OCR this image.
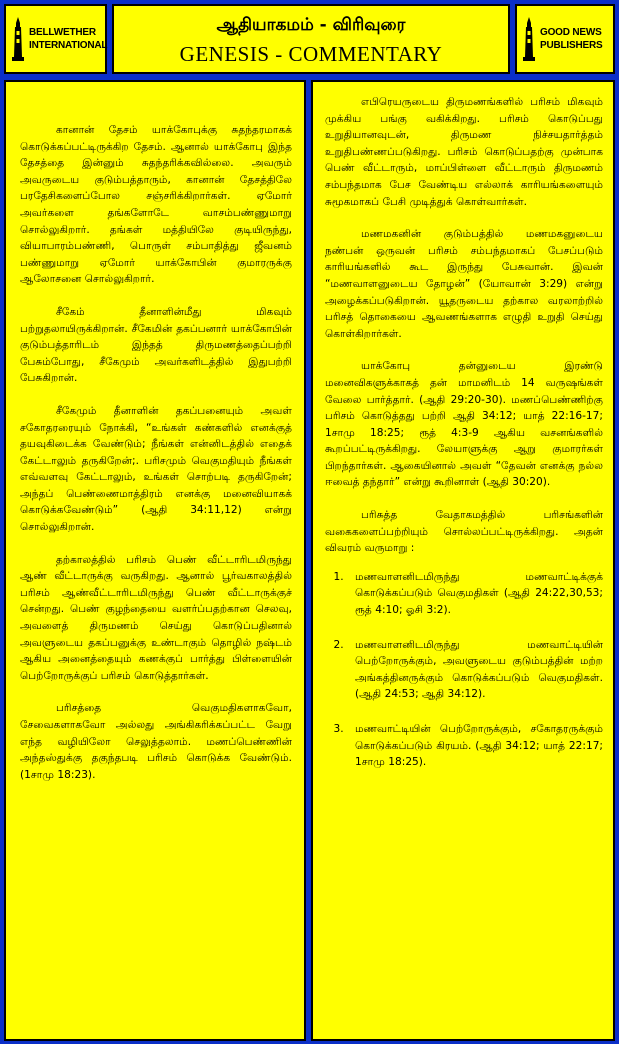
BELLWETHER
INTERNATIONAL
ஆதியாகமம் - விரிவுரை
GENESIS - COMMENTARY
GOOD NEWS
PUBLISHERS

கானான் தேசம் யாக்கோபுக்கு சுதந்தரமாகக் கொடுக்கப்பட்டிருக்கிற தேசம். ஆனால் யாக்கோபு இந்த தேசத்தை இன்னும் சுதந்தரிக்கவில்லை. அவரும் அவருடைய குடும்பத்தாரும், கானான் தேசத்திலே பரதேசிகளைப்போல சஞ்சரிக்கிறார்கள். ஏமோர் அவர்களை தங்களோடே வாசம்பண்ணுமாறு சொல்லுகிறார். தங்கள் மத்தியிலே குடியிருந்து, வியாபாரம்பண்ணி, பொருள் சம்பாதித்து ஜீவனம் பண்ணுமாறு ஏமோர் யாக்கோபின் குமாரருக்கு ஆலோசனை சொல்லுகிறார்.

சீகேம் தீனாளின்மீது மிகவும் பற்றுதலாயிருக்கிறான். சீகேமின் தகப்பனார் யாக்கோபின் குடும்பத்தாரிடம் இந்தத் திருமணத்தைப்பற்றி பேசும்போது, சீகேமும் அவர்களிடத்தில் இதுபற்றி பேசுகிறான்.

சீகேமும் தீனாளின் தகப்பனையும் அவள் சகோதரரையும் நோக்கி, “உங்கள் கண்களில் எனக்குத் தயவுகிடைக்க வேண்டும்; நீங்கள் என்னிடத்தில் எதைக் கேட்டாலும் தருகிறேன்;. பரிசமும் வெகுமதியும் நீங்கள் எவ்வளவு கேட்டாலும், உங்கள் சொற்படி தருகிறேன்; அந்தப் பெண்ணைமாத்திரம் எனக்கு மனைவியாகக் கொடுக்கவேண்டும்” (ஆதி 34:11,12) என்று சொல்லுகிறான்.

தற்காலத்தில் பரிசம் பெண் வீட்டாரிடமிருந்து ஆண் வீட்டாருக்கு வருகிறது. ஆனால் பூர்வகாலத்தில் பரிசம் ஆண்வீட்டாரிடமிருந்து பெண் வீட்டாருக்குச் சென்றது. பெண் குழந்தையை வளர்ப்பதற்கான செலவு, அவளைத் திருமணம் செய்து கொடுப்பதினால் அவளுடைய தகப்பனுக்கு உண்டாகும் தொழில் நஷ்டம் ஆகிய அனைத்தையும் கணக்குப் பார்த்து பிள்ளையின் பெற்றோருக்குப் பரிசம் கொடுத்தார்கள்.

பரிசத்தை வெகுமதிகளாகவோ, சேவைகளாகவோ அல்லது அங்கிகரிக்கப்பட்ட வேறு எந்த வழியிலோ செலுத்தலாம். மணப்பெண்ணின் அந்தஸ்துக்கு தகுந்தபடி பரிசம் கொடுக்க வேண்டும். (1சாமு 18:23).

எபிரெயருடைய திருமணங்களில் பரிசம் மிகவும் முக்கிய பங்கு வகிக்கிறது. பரிசம் கொடுப்பது உறுதியானவுடன், திருமண நிச்சயதார்த்தம் உறுதிபண்ணப்படுகிறது. பரிசம் கொடுப்பதற்கு முன்பாக பெண் வீட்டாரும், மாப்பிள்ளை வீட்டாரும் திருமணம் சம்பந்தமாக பேச வேண்டிய எல்லாக் காரியங்களையும் சுமூகமாகப் பேசி முடித்துக் கொள்வார்கள்.

மணமகனின் குடும்பத்தில் மணமகனுடைய நண்பன் ஒருவன் பரிசம் சம்பந்தமாகப் பேசப்படும் காரியங்களில் கூட இருந்து பேசுவான். இவன் “மணவாளனுடைய தோழன்” (யோவான் 3:29) என்று அழைக்கப்படுகிறான். யூதருடைய தற்கால வரலாற்றில் பரிசத் தொகையை ஆவணங்களாக எழுதி உறுதி செய்து கொள்கிறார்கள்.

யாக்கோபு தன்னுடைய இரண்டு மனைவிகளுக்காகத் தன் மாமனிடம் 14 வருஷங்கள் வேலை பார்த்தார். (ஆதி 29:20-30). மணப்பெண்ணிற்கு பரிசம் கொடுத்தது பற்றி ஆதி 34:12; யாத் 22:16-17; 1சாமு 18:25; ரூத் 4:3-9 ஆகிய வசனங்களில் கூறப்பட்டிருக்கிறது. லேயாளுக்கு ஆறு குமாரர்கள் பிறந்தார்கள். ஆகையினால் அவள் “தேவன் எனக்கு நல்ல ஈவைத் தந்தார்” என்று கூறினாள் (ஆதி 30:20).

பரிசுத்த வேதாகமத்தில் பரிசங்களின் வகைகளைப்பற்றியும் சொல்லப்பட்டிருக்கிறது. அதன் விவரம் வருமாறு :

1. மணவாளனிடமிருந்து மணவாட்டிக்குக் கொடுக்கப்படும் வெகுமதிகள் (ஆதி 24:22,30,53; ரூத் 4:10; ஓசி 3:2).
2. மணவாளனிடமிருந்து மணவாட்டியின் பெற்றோருக்கும், அவளுடைய குடும்பத்தின் மற்ற அங்கத்தினருக்கும் கொடுக்கப்படும் வெகுமதிகள். (ஆதி 24:53; ஆதி 34:12).
3. மணவாட்டியின் பெற்றோருக்கும், சகோதரருக்கும் கொடுக்கப்படும் கிரயம். (ஆதி 34:12; யாத் 22:17; 1சாமு 18:25).
